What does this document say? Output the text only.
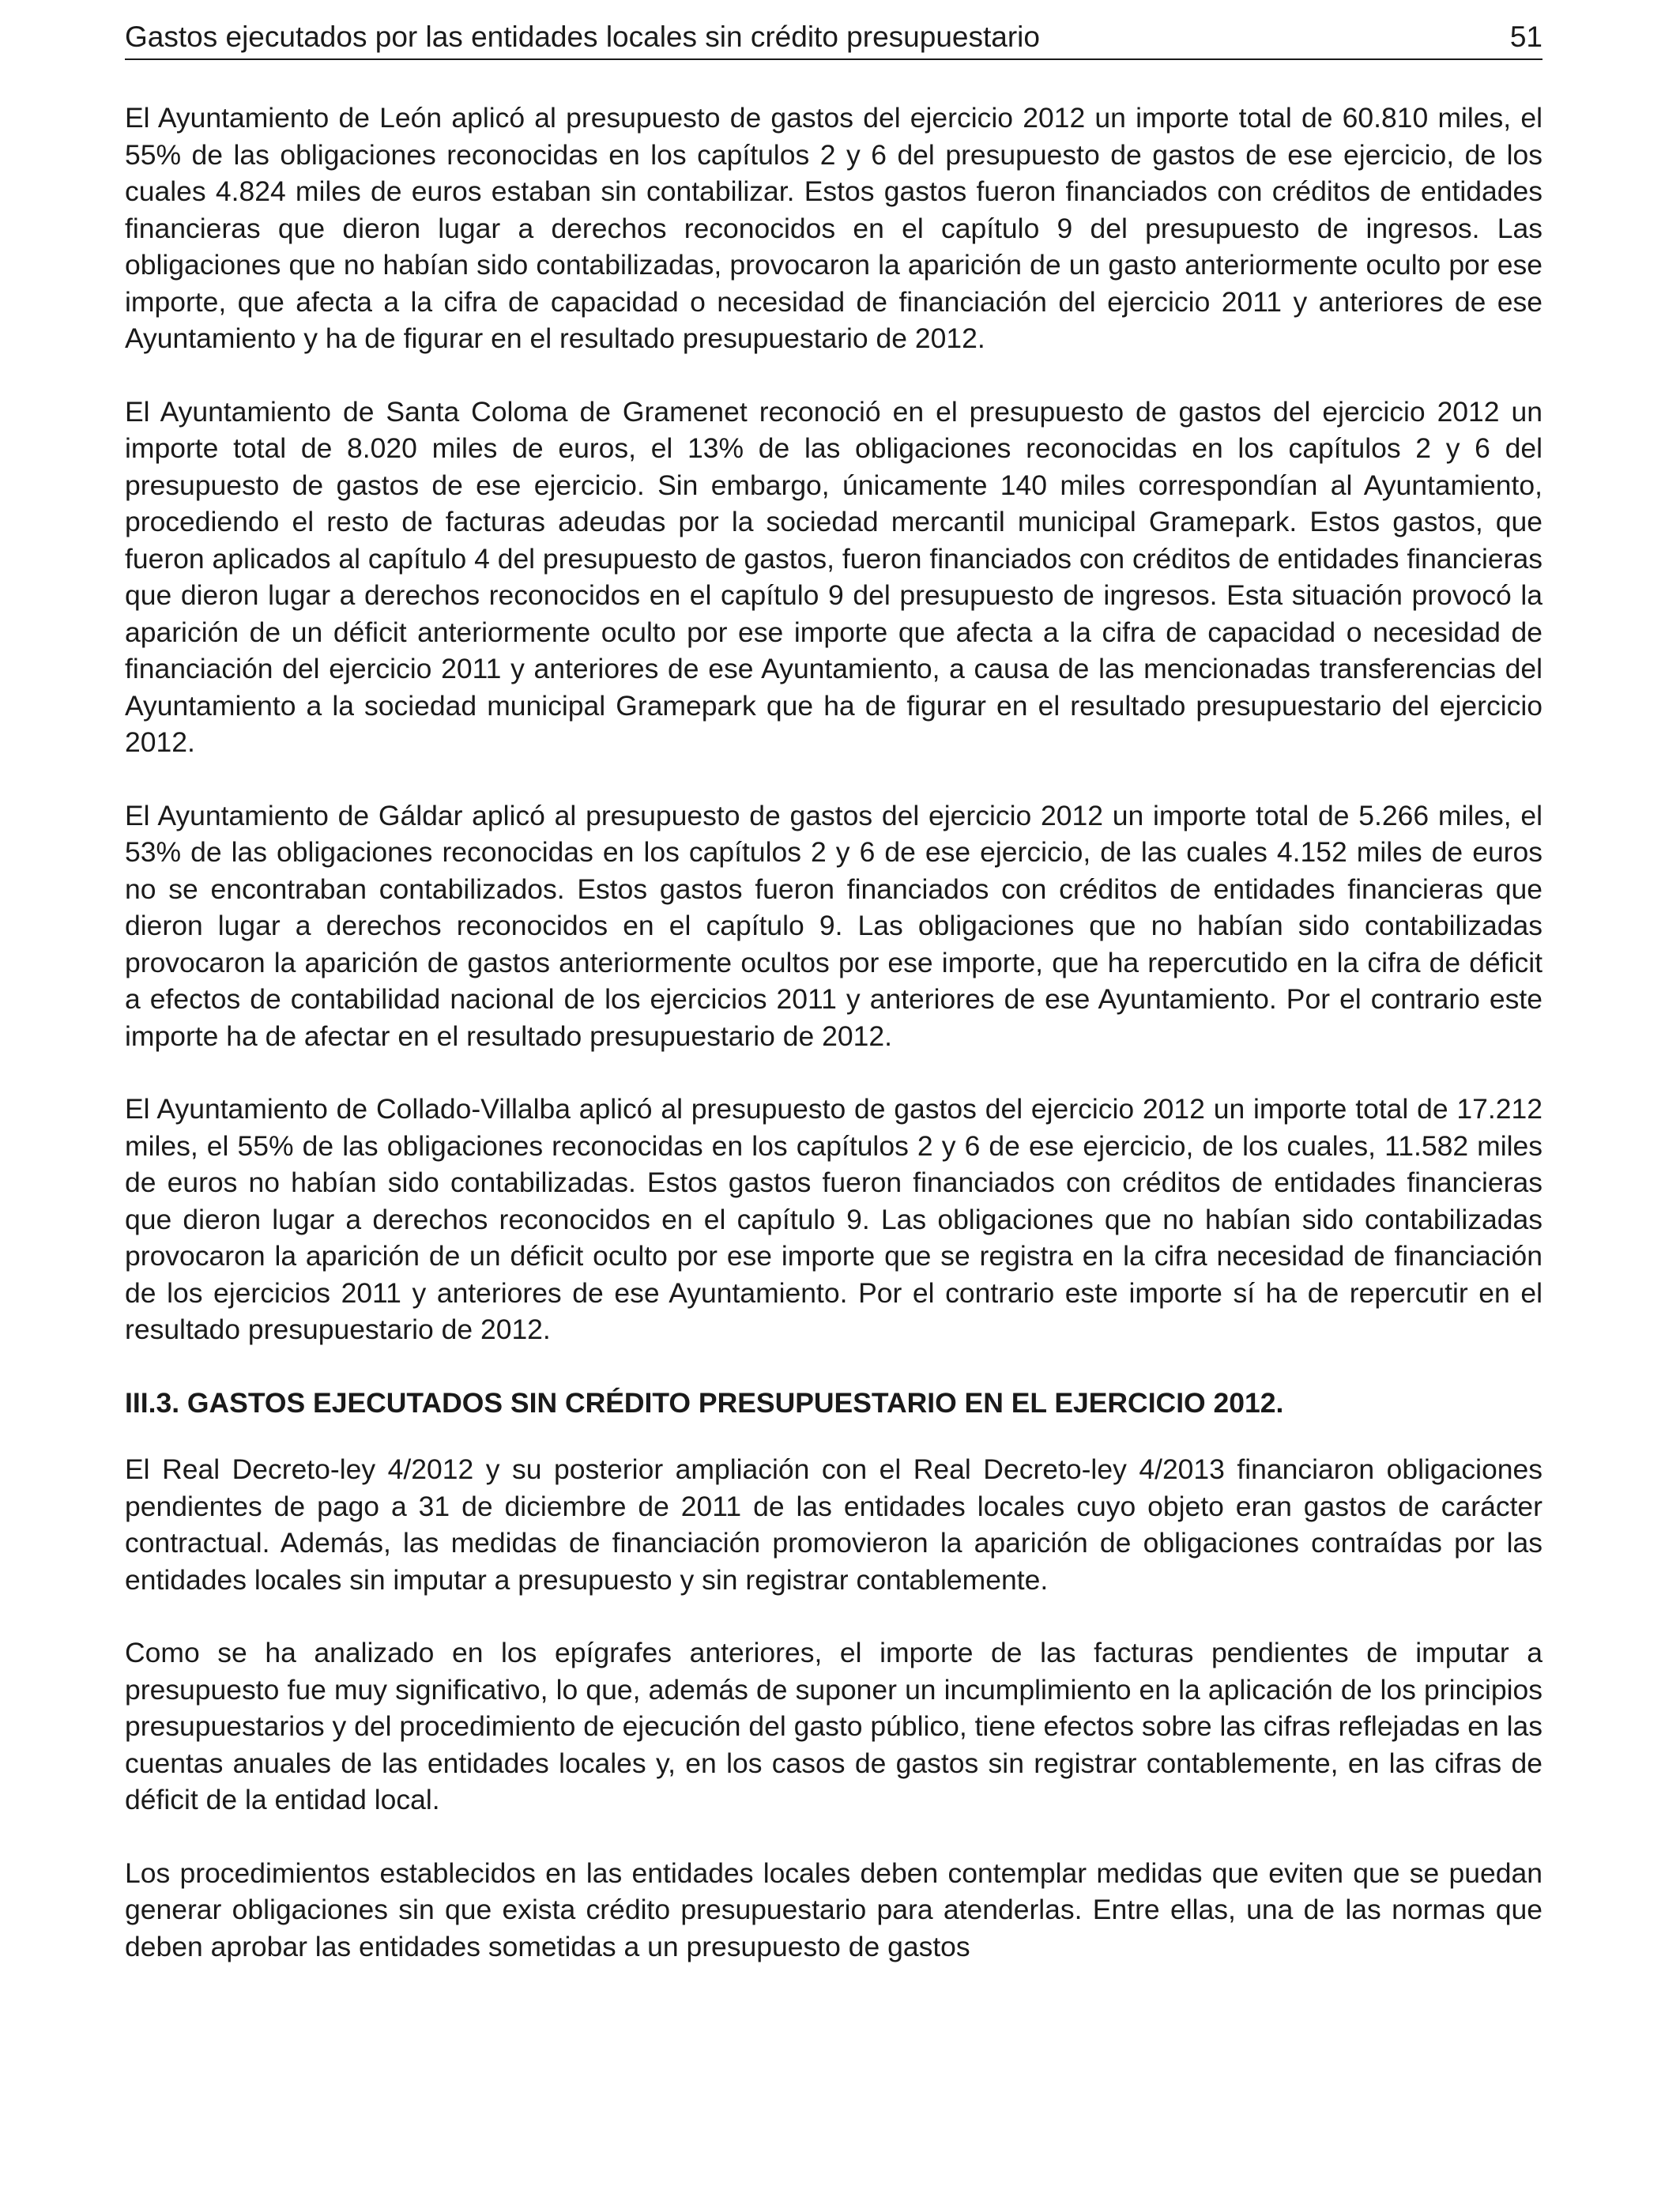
Gastos ejecutados por las entidades locales sin crédito presupuestario	51

El Ayuntamiento de León aplicó al presupuesto de gastos del ejercicio 2012 un importe total de 60.810 miles, el 55% de las obligaciones reconocidas en los capítulos 2 y 6 del presupuesto de gastos de ese ejercicio, de los cuales 4.824 miles de euros estaban sin contabilizar. Estos gastos fueron financiados con créditos de entidades financieras que dieron lugar a derechos reconocidos en el capítulo 9 del presupuesto de ingresos. Las obligaciones que no habían sido contabilizadas, provocaron la aparición de un gasto anteriormente oculto por ese importe, que afecta a la cifra de capacidad o necesidad de financiación del ejercicio 2011 y anteriores de ese Ayuntamiento y ha de figurar en el resultado presupuestario de 2012.

El Ayuntamiento de Santa Coloma de Gramenet reconoció en el presupuesto de gastos del ejercicio 2012 un importe total de 8.020 miles de euros, el 13% de las obligaciones reconocidas en los capítulos 2 y 6 del presupuesto de gastos de ese ejercicio. Sin embargo, únicamente 140 miles correspondían al Ayuntamiento, procediendo el resto de facturas adeudas por la sociedad mercantil municipal Gramepark. Estos gastos, que fueron aplicados al capítulo 4 del presupuesto de gastos, fueron financiados con créditos de entidades financieras que dieron lugar a derechos reconocidos en el capítulo 9 del presupuesto de ingresos. Esta situación provocó la aparición de un déficit anteriormente oculto por ese importe que afecta a la cifra de capacidad o necesidad de financiación del ejercicio 2011 y anteriores de ese Ayuntamiento, a causa de las mencionadas transferencias del Ayuntamiento a la sociedad municipal Gramepark que ha de figurar en el resultado presupuestario del ejercicio 2012.

El Ayuntamiento de Gáldar aplicó al presupuesto de gastos del ejercicio 2012 un importe total de 5.266 miles, el 53% de las obligaciones reconocidas en los capítulos 2 y 6 de ese ejercicio, de las cuales 4.152 miles de euros no se encontraban contabilizados. Estos gastos fueron financiados con créditos de entidades financieras que dieron lugar a derechos reconocidos en el capítulo 9. Las obligaciones que no habían sido contabilizadas provocaron la aparición de gastos anteriormente ocultos por ese importe, que ha repercutido en la cifra de déficit a efectos de contabilidad nacional de los ejercicios 2011 y anteriores de ese Ayuntamiento. Por el contrario este importe ha de afectar en el resultado presupuestario de 2012.

El Ayuntamiento de Collado-Villalba aplicó al presupuesto de gastos del ejercicio 2012 un importe total de 17.212 miles, el 55% de las obligaciones reconocidas en los capítulos 2 y 6 de ese ejercicio, de los cuales, 11.582 miles de euros no habían sido contabilizadas. Estos gastos fueron financiados con créditos de entidades financieras que dieron lugar a derechos reconocidos en el capítulo 9. Las obligaciones que no habían sido contabilizadas provocaron la aparición de un déficit oculto por ese importe que se registra en la cifra necesidad de financiación de los ejercicios 2011 y anteriores de ese Ayuntamiento. Por el contrario este importe sí ha de repercutir en el resultado presupuestario de 2012.

III.3. GASTOS EJECUTADOS SIN CRÉDITO PRESUPUESTARIO EN EL EJERCICIO 2012.

El Real Decreto-ley 4/2012 y su posterior ampliación con el Real Decreto-ley 4/2013 financiaron obligaciones pendientes de pago a 31 de diciembre de 2011 de las entidades locales cuyo objeto eran gastos de carácter contractual. Además, las medidas de financiación promovieron la aparición de obligaciones contraídas por las entidades locales sin imputar a presupuesto y sin registrar contablemente.

Como se ha analizado en los epígrafes anteriores, el importe de las facturas pendientes de imputar a presupuesto fue muy significativo, lo que, además de suponer un incumplimiento en la aplicación de los principios presupuestarios y del procedimiento de ejecución del gasto público, tiene efectos sobre las cifras reflejadas en las cuentas anuales de las entidades locales y, en los casos de gastos sin registrar contablemente, en las cifras de déficit de la entidad local.

Los procedimientos establecidos en las entidades locales deben contemplar medidas que eviten que se puedan generar obligaciones sin que exista crédito presupuestario para atenderlas. Entre ellas, una de las normas que deben aprobar las entidades sometidas a un presupuesto de gastos
